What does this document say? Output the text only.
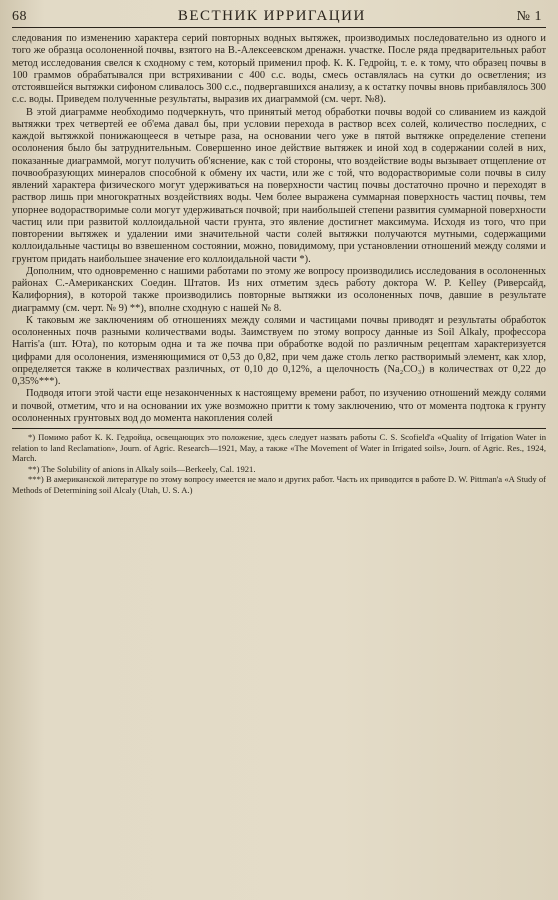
68	ВЕСТНИК ИРРИГАЦИИ	№ 1

следования по изменению характера серий повторных водных вытяжек, производимых последовательно из одного и того же образца осолоненной почвы, взятого на В.-Алексеевском дренажн. участке. После ряда предварительных работ метод исследования свелся к сходному с тем, который применил проф. К. К. Гедройц, т. е. к тому, что образец почвы в 100 граммов обрабатывался при встряхивании с 400 с.с. воды, смесь оставлялась на сутки до осветления; из отстоявшейся вытяжки сифоном сливалось 300 с.с., подвергавшихся анализу, а к остатку почвы вновь прибавлялось 300 с.с. воды. Приведем полученные результаты, выразив их диаграммой (см. черт. №8).

В этой диаграмме необходимо подчеркнуть, что принятый метод обработки почвы водой со сливанием из каждой вытяжки трех четвертей ее об'ема давал бы, при условии перехода в раствор всех солей, количество последних, с каждой вытяжкой понижающееся в четыре раза, на основании чего уже в пятой вытяжке определение степени осолонения было бы затруднительным. Совершенно иное действие вытяжек и иной ход в содержании солей в них, показанные диаграммой, могут получить об'яснение, как с той стороны, что воздействие воды вызывает отщепление от почвообразующих минералов способной к обмену их части, или же с той, что водорастворимые соли почвы в силу явлений характера физического могут удерживаться на поверхности частиц почвы достаточно прочно и переходят в раствор лишь при многократных воздействиях воды. Чем более выражена суммарная поверхность частиц почвы, тем упорнее водорастворимые соли могут удерживаться почвой; при наибольшей степени развития суммарной поверхности частиц или при развитой коллоидальной части грунта, это явление достигнет максимума. Исходя из того, что при повторении вытяжек и удалении ими значительной части солей вытяжки получаются мутными, содержащими коллоидальные частицы во взвешенном состоянии, можно, повидимому, при установлении отношений между солями и грунтом придать наибольшее значение его коллоидальной части *).

Дополним, что одновременно с нашими работами по этому же вопросу производились исследования в осолоненных районах С.-Американских Соедин. Штатов. Из них отметим здесь работу доктора W. P. Kelley (Риверсайд, Калифорния), в которой также производились повторные вытяжки из осолоненных почв, давшие в результате диаграмму (см. черт. № 9) **), вполне сходную с нашей № 8.

К таковым же заключениям об отношениях между солями и частицами почвы приводят и результаты обработок осолоненных почв разными количествами воды. Заимствуем по этому вопросу данные из Soil Alkaly, профессора Harris'a (шт. Юта), по которым одна и та же почва при обработке водой по различным рецептам характеризуется цифрами для осолонения, изменяющимися от 0,53 до 0,82, при чем даже столь легко растворимый элемент, как хлор, определяется также в количествах различных, от 0,10 до 0,12%, а щелочность (Na₂CO₃) в количествах от 0,22 до 0,35%***).

Подводя итоги этой части еще незаконченных к настоящему времени работ, по изучению отношений между солями и почвой, отметим, что и на основании их уже возможно притти к тому заключению, что от момента подтока к грунту осолоненных грунтовых вод до момента накопления солей

*) Помимо работ К. К. Гедройца, освещающих это положение, здесь следует назвать работы C. S. Scofield'a «Quality of Irrigation Water in relation to land Reclamation», Journ. of Agric. Research—1921, May, а также «The Movement of Water in Irrigated soils», Journ. of Agric. Res., 1924, March.

**) The Solubility of anions in Alkaly soils—Berkeely, Cal. 1921.

***) В американской литературе по этому вопросу имеется не мало и других работ. Часть их приводится в работе D. W. Pittman'a «A Study of Methods of Determining soil Alcaly (Utah, U. S. A.)
